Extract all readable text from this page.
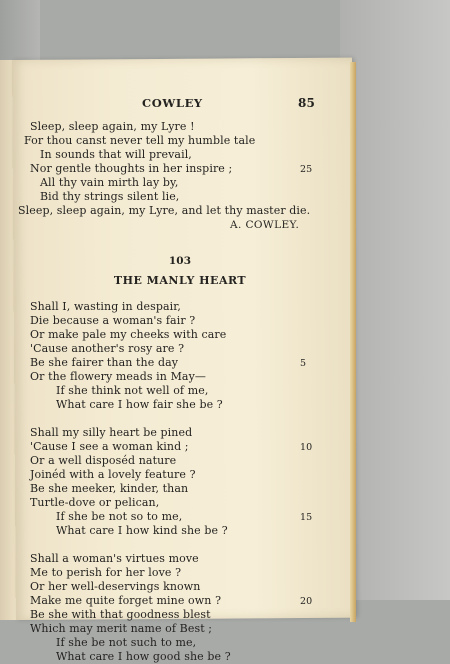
COWLEY	85
Sleep, sleep again, my Lyre !
For thou canst never tell my humble tale
In sounds that will prevail,
Nor gentle thoughts in her inspire ;	25
All thy vain mirth lay by,
Bid thy strings silent lie,
Sleep, sleep again, my Lyre, and let thy master die.
A. COWLEY.
103
THE MANLY HEART
Shall I, wasting in despair,
Die because a woman's fair ?
Or make pale my cheeks with care
'Cause another's rosy are ?
Be she fairer than the day	5
Or the flowery meads in May—
If she think not well of me,
What care I how fair she be ?
Shall my silly heart be pined
'Cause I see a woman kind ;	10
Or a well disposéd nature
Joinéd with a lovely feature ?
Be she meeker, kinder, than
Turtle-dove or pelican,
If she be not so to me,	15
What care I how kind she be ?
Shall a woman's virtues move
Me to perish for her love ?
Or her well-deservings known
Make me quite forget mine own ?	20
Be she with that goodness blest
Which may merit name of Best ;
If she be not such to me,
What care I how good she be ?
